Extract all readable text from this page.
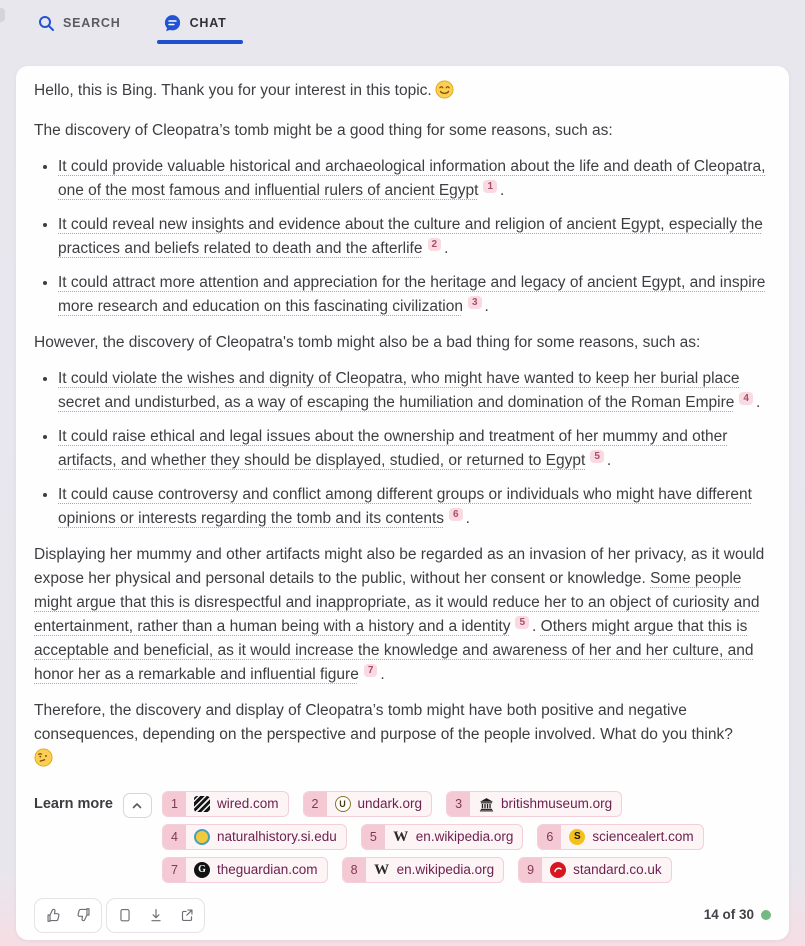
SEARCH	CHAT

Hello, this is Bing. Thank you for your interest in this topic.

The discovery of Cleopatra’s tomb might be a good thing for some reasons, such as:

• It could provide valuable historical and archaeological information about the life and death of Cleopatra, one of the most famous and influential rulers of ancient Egypt $^1$ .
• It could reveal new insights and evidence about the culture and religion of ancient Egypt, especially the practices and beliefs related to death and the afterlife $^2$ .
• It could attract more attention and appreciation for the heritage and legacy of ancient Egypt, and inspire more research and education on this fascinating civilization $^3$ .

However, the discovery of Cleopatra's tomb might also be a bad thing for some reasons, such as:

• It could violate the wishes and dignity of Cleopatra, who might have wanted to keep her burial place secret and undisturbed, as a way of escaping the humiliation and domination of the Roman Empire $^4$ .
• It could raise ethical and legal issues about the ownership and treatment of her mummy and other artifacts, and whether they should be displayed, studied, or returned to Egypt $^5$ .
• It could cause controversy and conflict among different groups or individuals who might have different opinions or interests regarding the tomb and its contents $^6$ .

Displaying her mummy and other artifacts might also be regarded as an invasion of her privacy, as it would expose her physical and personal details to the public, without her consent or knowledge. Some people might argue that this is disrespectful and inappropriate, as it would reduce her to an object of curiosity and entertainment, rather than a human being with a history and a identity $^5$ . Others might argue that this is acceptable and beneficial, as it would increase the knowledge and awareness of her and her culture, and honor her as a remarkable and influential figure $^7$ .

Therefore, the discovery and display of Cleopatra’s tomb might have both positive and negative consequences, depending on the perspective and purpose of the people involved. What do you think?

Learn more	1	wired.com	2	U undark.org	3	britishmuseum.org
4	naturalhistory.si.edu	5	W en.wikipedia.org	6	S sciencealert.com
7	G theguardian.com	8	W en.wikipedia.org	9	standard.co.uk
14 of 30
